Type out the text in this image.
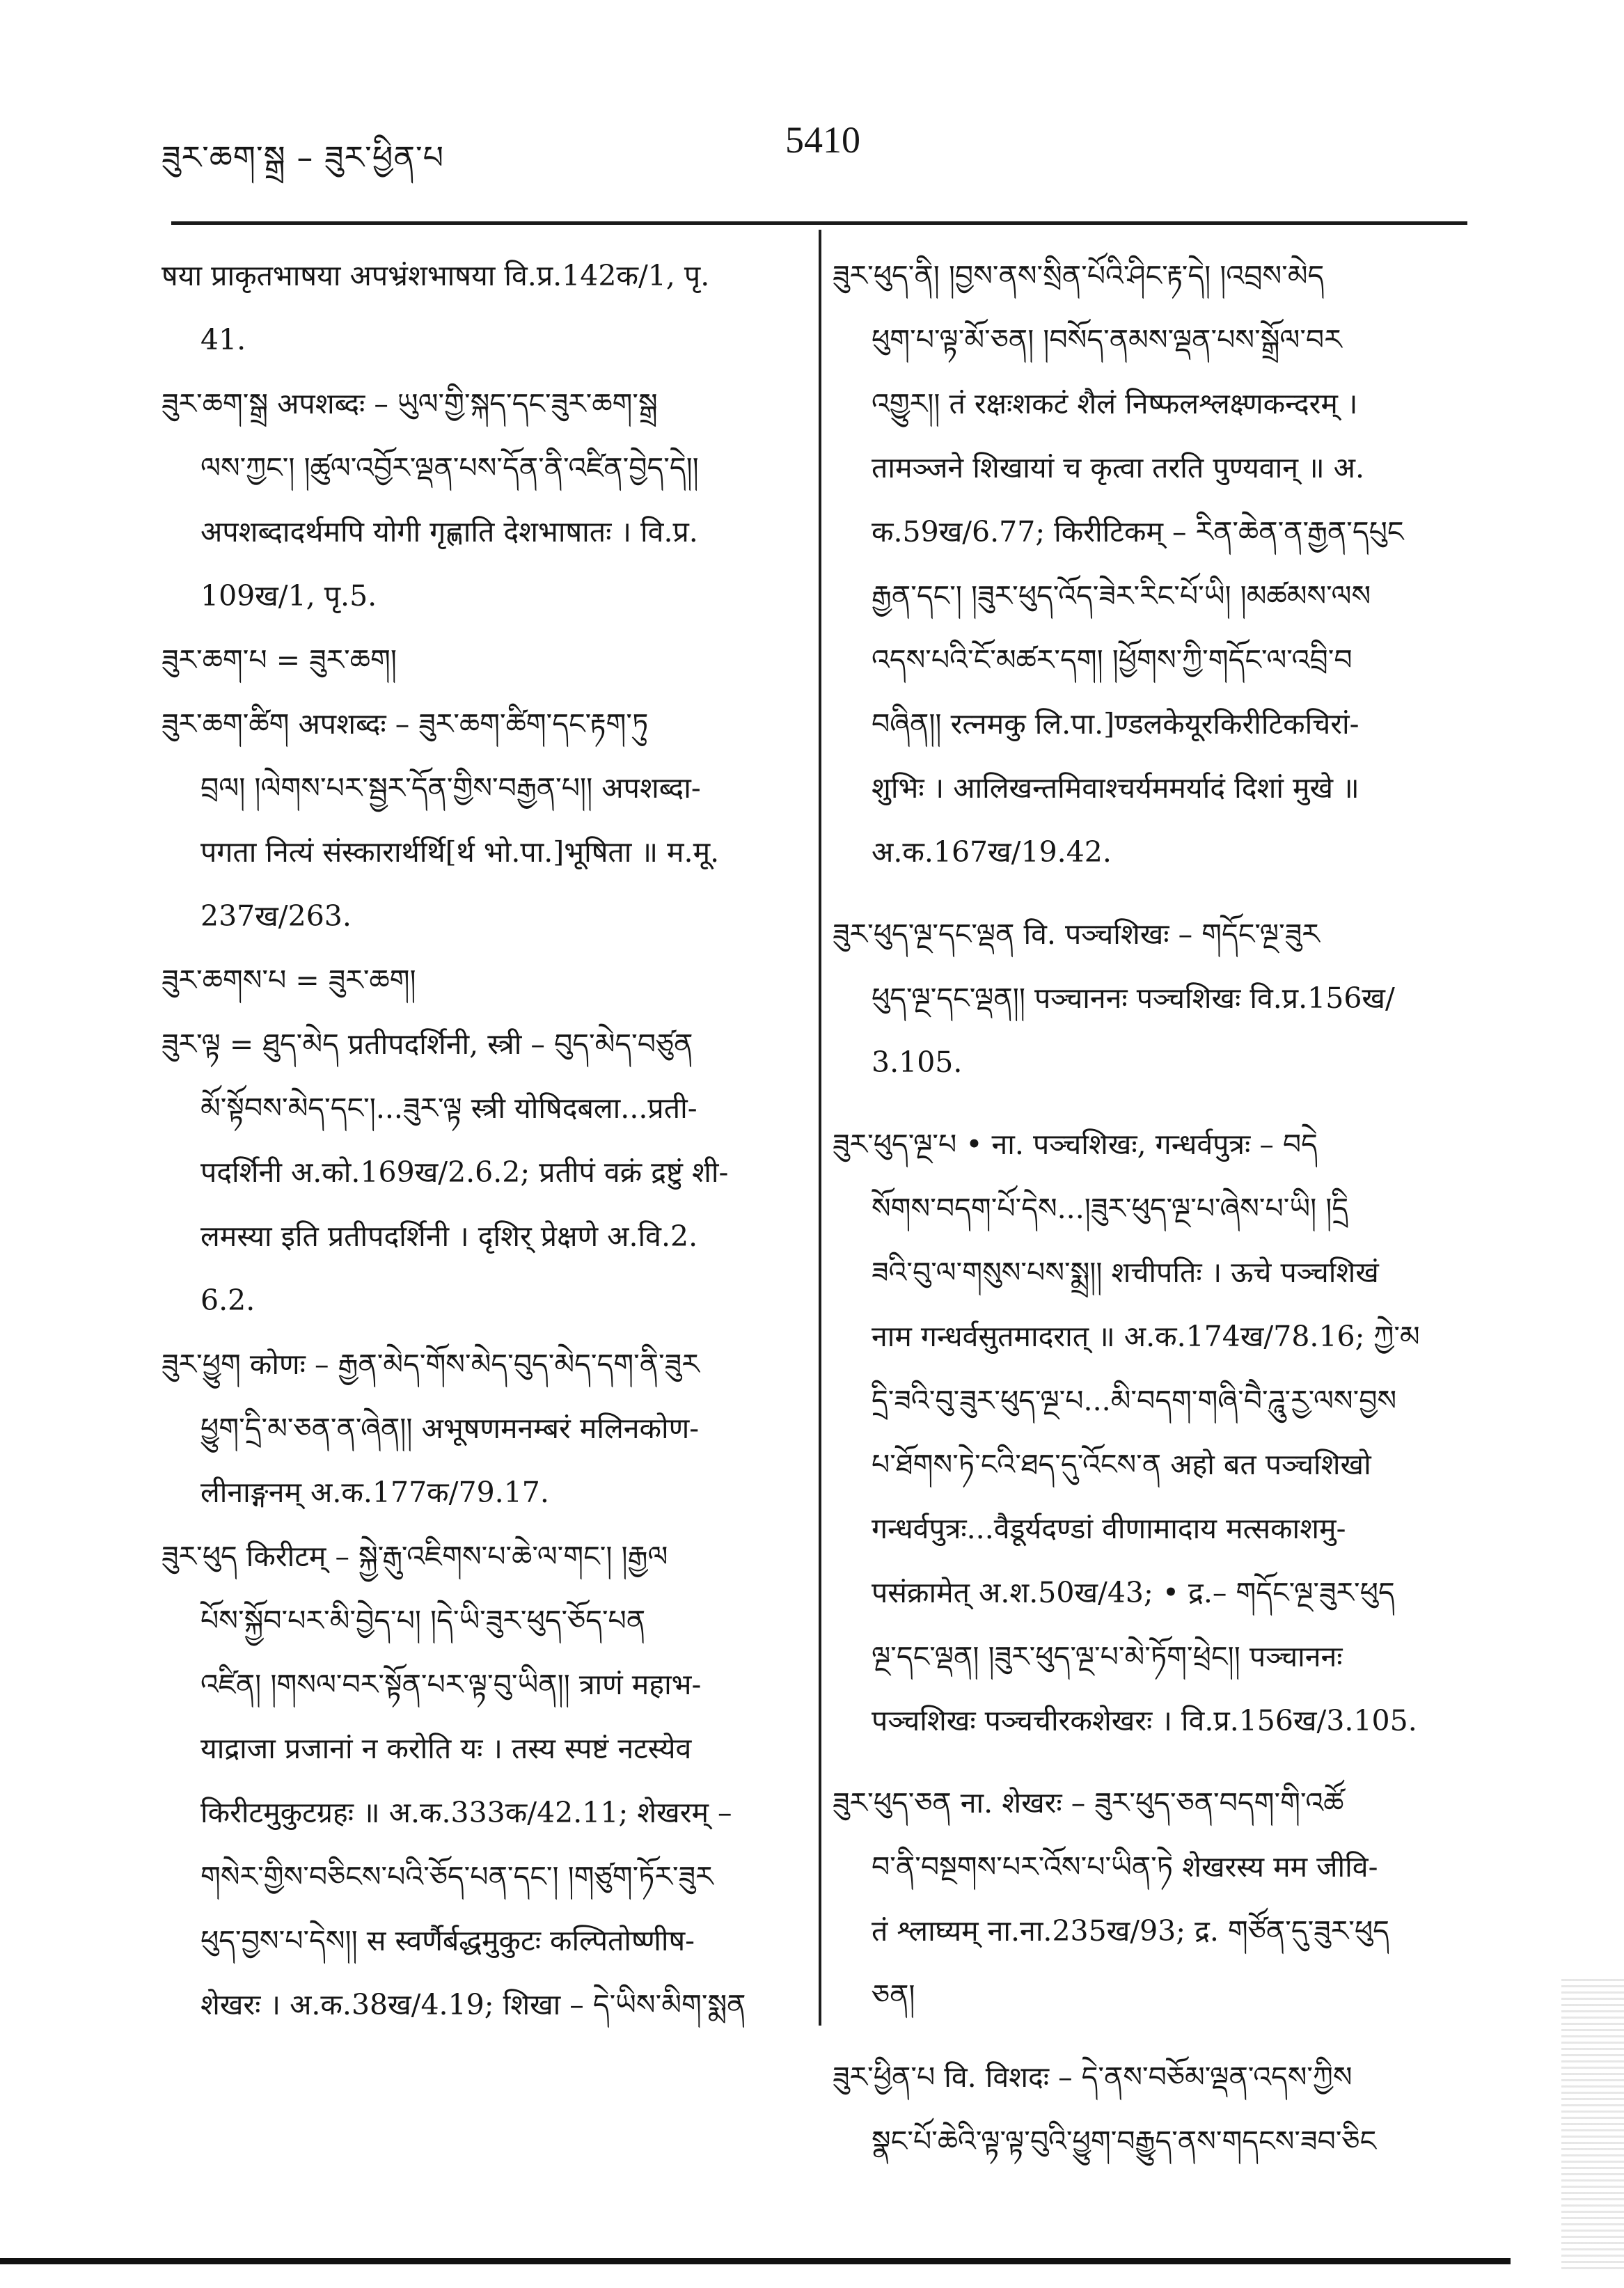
ཟུར་ཆག་སྒྲ – ཟུར་ཕྱིན་པ	5410
षया प्राकृतभाषया अपभ्रंशभाषया वि.प्र.142क/1, पृ.
41.
ཟུར་ཆག་སྒྲ अपशब्दः – ཡུལ་གྱི་སྐད་དང་ཟུར་ཆག་སྒྲ
ལས་ཀྱང་། །ཚུལ་འབྱོར་ལྡན་པས་དོན་ནི་འཛིན་བྱེད་དེ།།
अपशब्दादर्थमपि योगी गृह्णाति देशभाषातः । वि.प्र.
109ख/1, पृ.5.
ཟུར་ཆག་པ = ཟུར་ཆག།
ཟུར་ཆག་ཚིག अपशब्दः – ཟུར་ཆག་ཚིག་དང་རྟག་ཏུ
བྲལ། །ལེགས་པར་སྦྱར་དོན་གྱིས་བརྒྱན་པ།། अपशब्दा-
पगता नित्यं संस्कारार्थर्थि[र्थ भो.पा.]भूषिता ॥ म.मू.
237ख/263.
ཟུར་ཆགས་པ = ཟུར་ཆག།
ཟུར་ལྟ = ཐུད་མེད प्रतीपदर्शिनी, स्त्री – བུད་མེད་བཙུན
མོ་སྟོབས་མེད་དང་།...ཟུར་ལྟ स्त्री योषिदबला...प्रती-
पदर्शिनी अ.को.169ख/2.6.2; प्रतीपं वक्रं द्रष्टुं शी-
लमस्या इति प्रतीपदर्शिनी । दृशिर् प्रेक्षणे अ.वि.2.
6.2.
ཟུར་ཕྱུག कोणः – རྒྱན་མེད་གོས་མེད་བུད་མེད་དག་ནི་ཟུར
ཕྱུག་དྲི་མ་ཅན་ན་ཞེན།། अभूषणमनम्बरं मलिनकोण-
लीनाङ्गनम् अ.क.177क/79.17.
ཟུར་ཕུད किरीटम् – སྐྱེ་རྒུ་འཇིགས་པ་ཆེ་ལ་གང་། །རྒྱལ
པོས་སྐྱོབ་པར་མི་བྱེད་པ། །དེ་ཡི་ཟུར་ཕུད་ཅོད་པན
འཛིན། །གསལ་བར་སྟོན་པར་ལྟ་བུ་ཡིན།། त्राणं महाभ-
याद्राजा प्रजानां न करोति यः । तस्य स्पष्टं नटस्येव
किरीटमुकुटग्रहः ॥ अ.क.333क/42.11; शेखरम् –
གསེར་གྱིས་བཅིངས་པའི་ཅོད་པན་དང་། །གཙུག་ཏོར་ཟུར
ཕུད་བྱས་པ་དེས།། स स्वर्णैर्बद्धमुकुटः कल्पितोष्णीष-
शेखरः । अ.क.38ख/4.19; शिखा – དེ་ཡིས་མིག་སྨན
ཟུར་ཕུད་ནི། །བྱས་ནས་སྲིན་པོའི་ཤིང་རྟ་དེ། །འབྲས་མེད
ཕུག་པ་ལྟ་མོ་ཅན། །བསོད་ནམས་ལྡན་པས་སྒྲོལ་བར
འགྱུར།། तं रक्षःशकटं शैलं निष्फलश्लक्ष्णकन्दरम् ।
तामञ्जने शिखायां च कृत्वा तरति पुण्यवान् ॥ अ.
क.59ख/6.77; किरीटिकम् – རིན་ཆེན་ན་རྒྱན་དཔུང
རྒྱན་དང་། །ཟུར་ཕུད་འོད་ཟེར་རིང་པོ་ཡི། །མཚམས་ལས
འདས་པའི་ངོ་མཚར་དག། །ཕྱོགས་ཀྱི་གདོང་ལ་འབྲི་བ
བཞིན།། रत्नमकु लि.पा.]ण्डलकेयूरकिरीटिकचिरां-
शुभिः । आलिखन्तमिवाश्चर्यममर्यादं दिशां मुखे ॥
अ.क.167ख/19.42.
ཟུར་ཕུད་ལྔ་དང་ལྡན वि. पञ्चशिखः – གདོང་ལྔ་ཟུར
ཕུད་ལྔ་དང་ལྡན།། पञ्चाननः पञ्चशिखः वि.प्र.156ख/
3.105.
ཟུར་ཕུད་ལྔ་པ • ना. पञ्चशिखः, गन्धर्वपुत्रः – བདེ
སོགས་བདག་པོ་དེས...།ཟུར་ཕུད་ལྔ་པ་ཞེས་པ་ཡི། །དྲི
ཟའི་བུ་ལ་གསུས་པས་སྨྲ།། शचीपतिः । ऊचे पञ्चशिखं
नाम गन्धर्वसुतमादरात् ॥ अ.क.174ख/78.16; ཀྱེ་མ
དྲི་ཟའི་བུ་ཟུར་ཕུད་ལྔ་པ...མི་བདག་གཞི་བཻ་ཌཱུ་རྱ་ལས་བྱས
པ་ཐོགས་ཏེ་ངའི་ཐད་དུ་འོངས་ན अहो बत पञ्चशिखो
गन्धर्वपुत्रः...वैडूर्यदण्डां वीणामादाय मत्सकाशमु-
पसंक्रामेत् अ.श.50ख/43; • द्र.– གདོང་ལྔ་ཟུར་ཕུད
ལྔ་དང་ལྡན། །ཟུར་ཕུད་ལྔ་པ་མེ་ཏོག་ཕྲེང།། पञ्चाननः
पञ्चशिखः पञ्चचीरकशेखरः । वि.प्र.156ख/3.105.
ཟུར་ཕུད་ཅན ना. शेखरः – ཟུར་ཕུད་ཅན་བདག་གི་འཚོ
བ་ནི་བསྔགས་པར་འོས་པ་ཡིན་ཏེ शेखरस्य मम जीवि-
तं श्लाघ्यम् ना.ना.235ख/93; द्र. གཙོན་དུ་ཟུར་ཕུད
ཅན།
ཟུར་ཕྱིན་པ वि. विशदः – དེ་ནས་བཅོམ་ལྡན་འདས་ཀྱིས
སྣང་པོ་ཆེའི་ལྟ་ལྟ་བུའི་ཕྱུག་བརྒྱུད་ནས་གདངས་ཟབ་ཅིང
